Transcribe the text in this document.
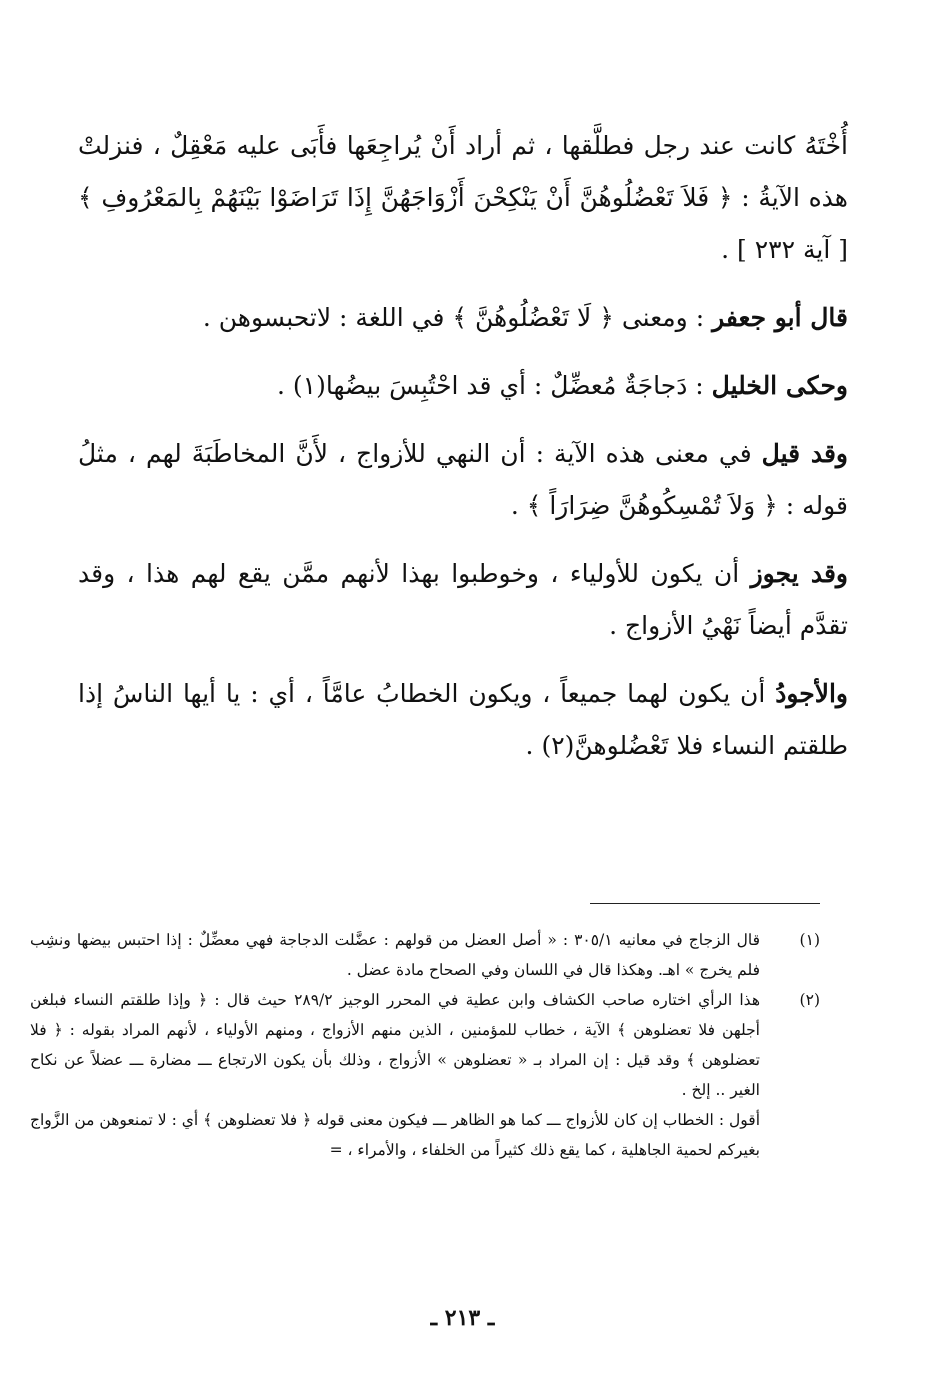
أُخْتَهُ كانت عند رجل فطلَّقها ، ثم أراد أَنْ يُراجِعَها فأَبَى عليه مَعْقِلٌ ، فنزلتْ هذه الآيةُ : ﴿ فَلاَ تَعْضُلُوهُنَّ أَنْ يَنْكِحْنَ أَزْوَاجَهُنَّ إِذَا تَرَاضَوْا بَيْنَهُمْ بِالمَعْرُوفِ ﴾ [ آية ٢٣٢ ] .

قال أبو جعفر : ومعنى ﴿ لَا تَعْضُلُوهُنَّ ﴾ في اللغة : لاتحبسوهن .

وحكى الخليل : دَجاجَةٌ مُعضِّلٌ : أي قد احْتُبِسَ بيضُها(١) .

وقد قيل في معنى هذه الآية : أن النهي للأزواج ، لأَنَّ المخاطَبَةَ لهم ، مثلُ قوله : ﴿ وَلاَ تُمْسِكُوهُنَّ ضِرَارَاً ﴾ .

وقد يجوز أن يكون للأولياء ، وخوطبوا بهذا لأنهم ممَّن يقع لهم هذا ، وقد تقدَّم أيضاً نَهْيُ الأزواج .

والأجودُ أن يكون لهما جميعاً ، ويكون الخطابُ عامَّاً ، أي : يا أيها الناسُ إذا طلقتم النساء فلا تَعْضُلوهنَّ(٢) .

(١)
قال الزجاج في معانيه ٣٠٥/١ : « أصل العضل من قولهم : عضَّلت الدجاجة فهي معضِّلٌ : إذا احتبس بيضها ونشِب فلم يخرج » اهـ. وهكذا قال في اللسان وفي الصحاح مادة عضل .
(٢)
هذا الرأي اختاره صاحب الكشاف وابن عطية في المحرر الوجيز ٢٨٩/٢ حيث قال : ﴿ وإذا طلقتم النساء فبلغن أجلهن فلا تعضلوهن ﴾ الآية ، خطاب للمؤمنين ، الذين منهم الأزواج ، ومنهم الأولياء ، لأنهم المراد بقوله : ﴿ فلا تعضلوهن ﴾ وقد قيل : إن المراد بـ « تعضلوهن » الأزواج ، وذلك بأن يكون الارتجاع ـــ مضارة ـــ عضلاً عن نكاح الغير .. إلخ .
أقول : الخطاب إن كان للأزواج ـــ كما هو الظاهر ـــ فيكون معنى قوله ﴿ فلا تعضلوهن ﴾ أي : لا تمنعوهن من الزَّواج بغيركم لحمية الجاهلية ، كما يقع ذلك كثيراً من الخلفاء ، والأمراء ، =
ـ ٢١٣ ـ
